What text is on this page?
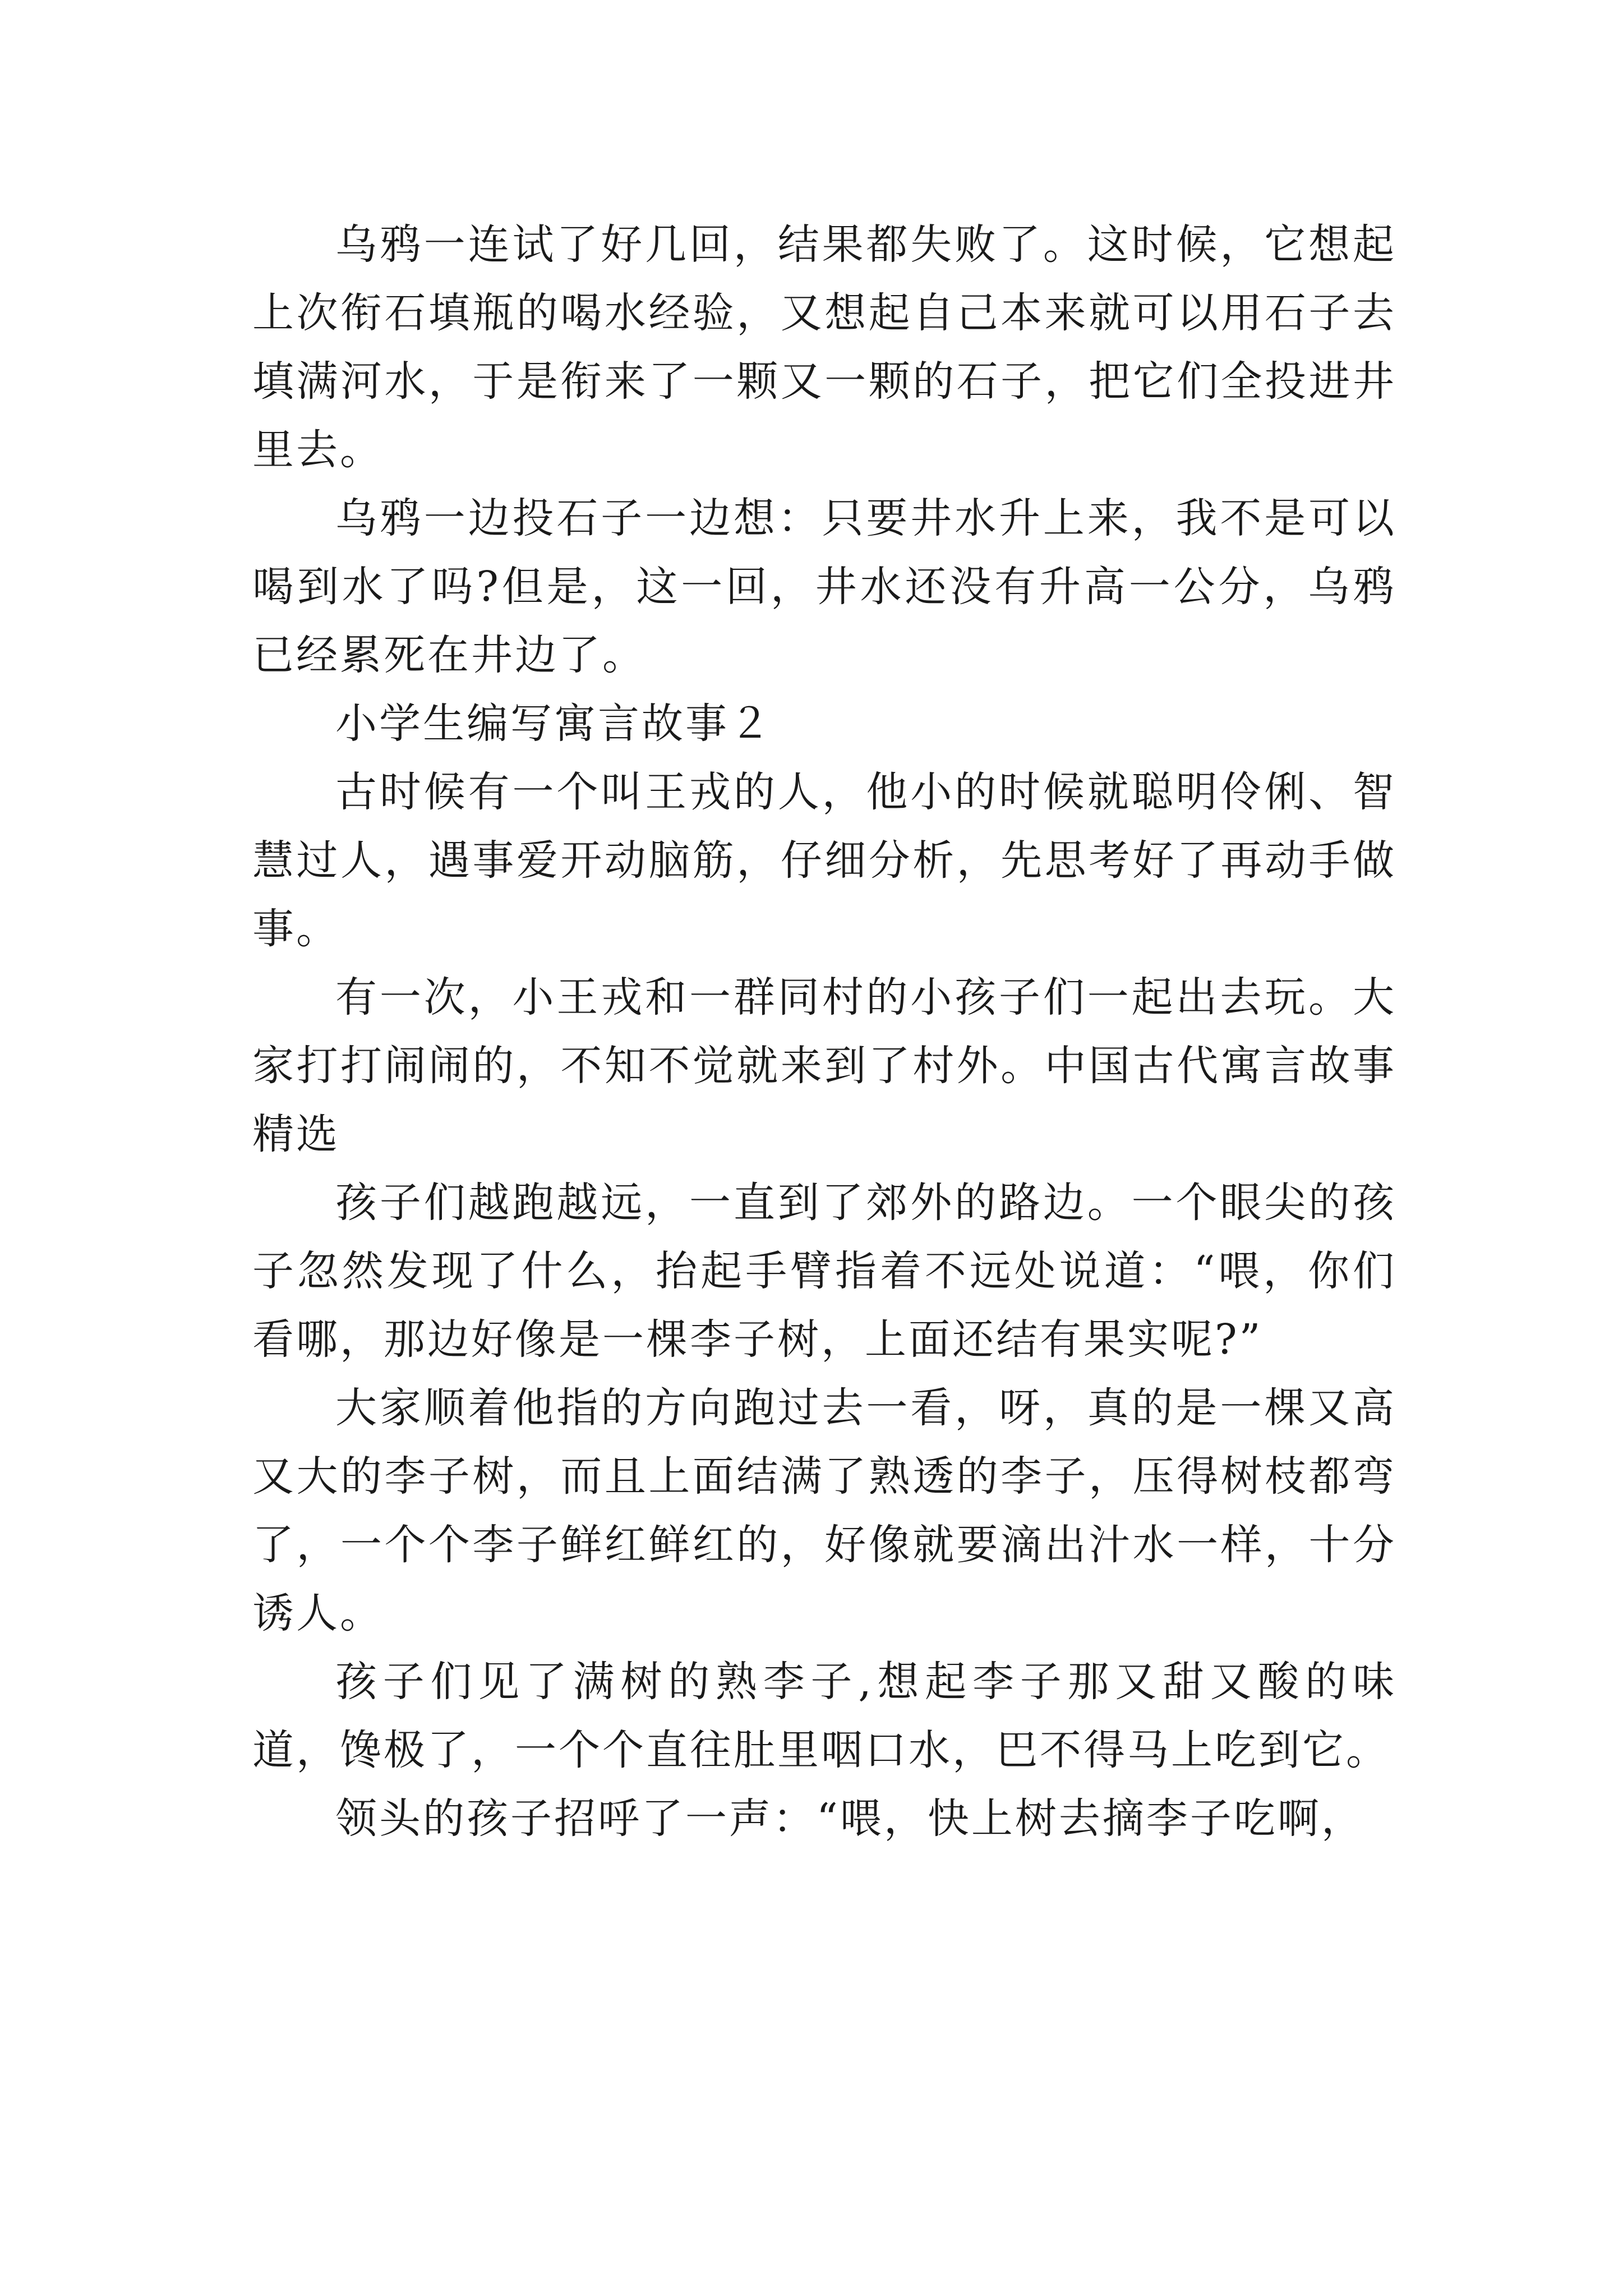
乌鸦一连试了好几回，结果都失败了。这时候，它想起上次衔石填瓶的喝水经验，又想起自己本来就可以用石子去填满河水，于是衔来了一颗又一颗的石子，把它们全投进井里去。

乌鸦一边投石子一边想：只要井水升上来，我不是可以喝到水了吗?但是，这一回，井水还没有升高一公分，乌鸦已经累死在井边了。

小学生编写寓言故事２

古时候有一个叫王戎的人，他小的时候就聪明伶俐、智慧过人，遇事爱开动脑筋，仔细分析，先思考好了再动手做事。

有一次，小王戎和一群同村的小孩子们一起出去玩。大家打打闹闹的，不知不觉就来到了村外。中国古代寓言故事精选

孩子们越跑越远，一直到了郊外的路边。一个眼尖的孩子忽然发现了什么，抬起手臂指着不远处说道：“喂，你们看哪，那边好像是一棵李子树，上面还结有果实呢?”

大家顺着他指的方向跑过去一看，呀，真的是一棵又高又大的李子树，而且上面结满了熟透的李子，压得树枝都弯了，一个个李子鲜红鲜红的，好像就要滴出汁水一样，十分诱人。

孩子们见了满树的熟李子,想起李子那又甜又酸的味道，馋极了，一个个直往肚里咽口水，巴不得马上吃到它。

领头的孩子招呼了一声：“喂，快上树去摘李子吃啊，
